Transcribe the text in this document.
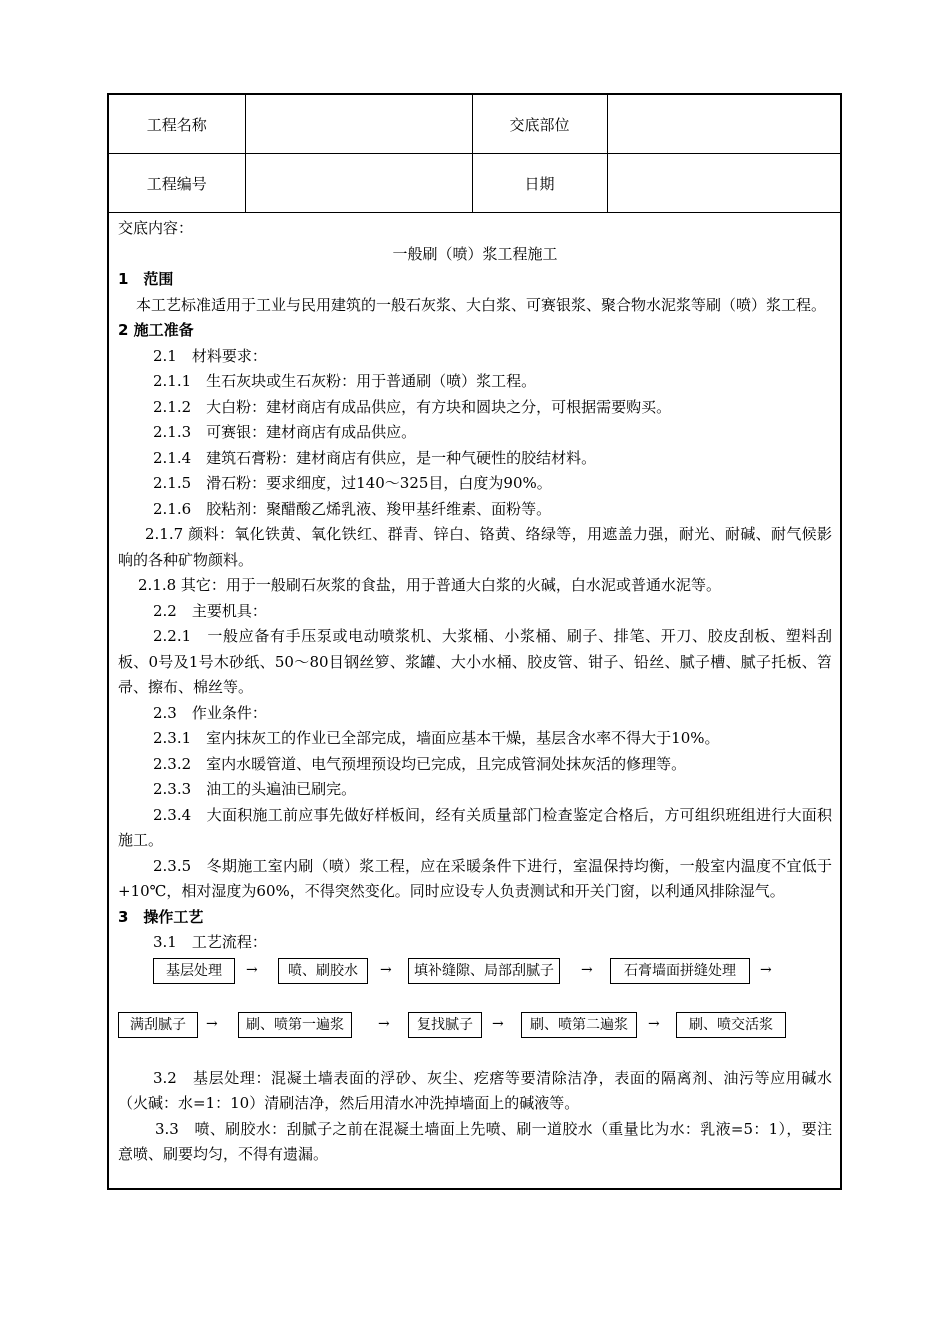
工程名称		交底部位	
工程编号		日期	
交底内容：
一般刷（喷）浆工程施工
1　范围
本工艺标准适用于工业与民用建筑的一般石灰浆、大白浆、可赛银浆、聚合物水泥浆等刷（喷）浆工程。
2 施工准备
2.1　材料要求：
2.1.1　生石灰块或生石灰粉：用于普通刷（喷）浆工程。
2.1.2　大白粉：建材商店有成品供应，有方块和圆块之分，可根据需要购买。
2.1.3　可赛银：建材商店有成品供应。
2.1.4　建筑石膏粉：建材商店有供应，是一种气硬性的胶结材料。
2.1.5　滑石粉：要求细度，过140～325目，白度为90%。
2.1.6　胶粘剂：聚醋酸乙烯乳液、羧甲基纤维素、面粉等。
2.1.7 颜料：氧化铁黄、氧化铁红、群青、锌白、铬黄、络绿等，用遮盖力强，耐光、耐碱、耐气候影响的各种矿物颜料。
2.1.8 其它：用于一般刷石灰浆的食盐，用于普通大白浆的火碱，白水泥或普通水泥等。
2.2　主要机具：
2.2.1　一般应备有手压泵或电动喷浆机、大浆桶、小浆桶、刷子、排笔、开刀、胶皮刮板、塑料刮板、0号及1号木砂纸、50～80目钢丝箩、浆罐、大小水桶、胶皮管、钳子、铅丝、腻子槽、腻子托板、笤帚、擦布、棉丝等。
2.3　作业条件：
2.3.1　室内抹灰工的作业已全部完成，墙面应基本干燥，基层含水率不得大于10%。
2.3.2　室内水暖管道、电气预埋预设均已完成，且完成管洞处抹灰活的修理等。
2.3.3　油工的头遍油已刷完。
2.3.4　大面积施工前应事先做好样板间，经有关质量部门检查鉴定合格后，方可组织班组进行大面积施工。
2.3.5　冬期施工室内刷（喷）浆工程，应在采暖条件下进行，室温保持均衡，一般室内温度不宜低于+10℃，相对湿度为60%，不得突然变化。同时应设专人负责测试和开关门窗，以利通风排除湿气。
3　操作工艺
3.1　工艺流程：
基层处理	→	喷、刷胶水	→	填补缝隙、局部刮腻子	→	石膏墙面拼缝处理	→
满刮腻子	→	刷、喷第一遍浆	→	复找腻子	→	刷、喷第二遍浆	→	刷、喷交活浆
3.2　基层处理：混凝土墙表面的浮砂、灰尘、疙瘩等要清除洁净，表面的隔离剂、油污等应用碱水（火碱：水=1：10）清刷洁净，然后用清水冲洗掉墙面上的碱液等。
3.3　喷、刷胶水：刮腻子之前在混凝土墙面上先喷、刷一道胶水（重量比为水：乳液=5：1），要注意喷、刷要均匀，不得有遗漏。
